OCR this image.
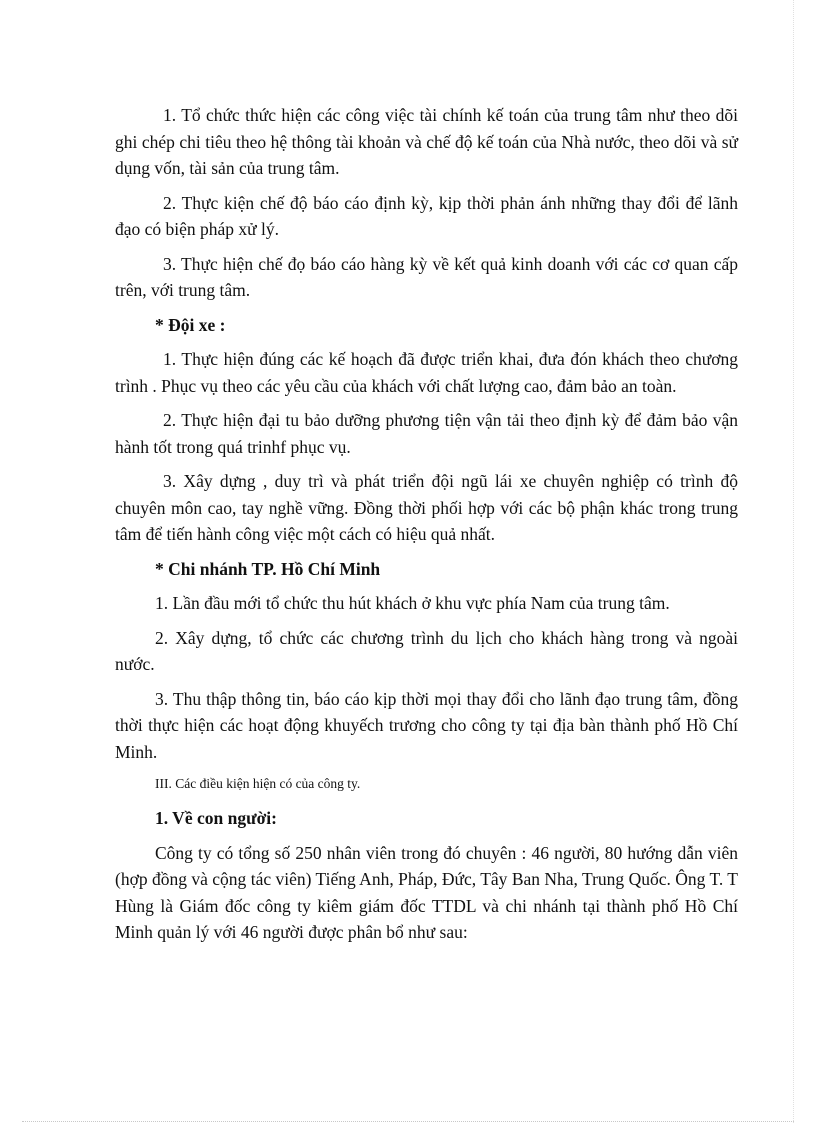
1. Tổ chức thức hiện các công việc tài chính kế toán của trung tâm như theo dõi ghi chép chi tiêu theo hệ thông tài khoản và chế độ kế toán của Nhà nước, theo dõi và sử dụng vốn, tài sản của trung tâm.

2. Thực kiện chế độ báo cáo định kỳ, kịp thời phản ánh những thay đổi để lãnh đạo có biện pháp xử lý.

3. Thực hiện chế đọ báo cáo hàng kỳ về kết quả kinh doanh với các cơ quan cấp trên, với trung tâm.

* Đội xe :

1. Thực hiện đúng các kế hoạch đã được triển khai, đưa đón khách theo chương trình . Phục vụ theo các yêu cầu của khách với chất lượng cao, đảm bảo an toàn.

2. Thực hiện đại tu bảo dưỡng phương tiện vận tải theo định kỳ để đảm bảo vận hành tốt trong quá trinhf phục vụ.

3. Xây dựng , duy trì và phát triển đội ngũ lái xe chuyên nghiệp có trình độ chuyên môn cao, tay nghề vững. Đồng thời phối hợp với các bộ phận khác trong trung tâm để tiến hành công việc một cách có hiệu quả nhất.

* Chi nhánh TP. Hồ Chí Minh

1. Lần đầu mới tổ chức thu hút khách ở khu vực phía Nam của trung tâm.

2. Xây dựng, tổ chức các chương trình du lịch cho khách hàng trong và ngoài nước.

3. Thu thập thông tin, báo cáo kịp thời mọi thay đổi cho lãnh đạo trung tâm, đồng thời thực hiện các hoạt động khuyếch trương cho công ty tại địa bàn thành phố Hồ Chí Minh.

III. Các điều kiện hiện có của công ty.

1. Về con người:

Công ty có tổng số 250 nhân viên trong đó chuyên : 46 người, 80 hướng dẫn viên (hợp đồng và cộng tác viên) Tiếng Anh, Pháp, Đức, Tây Ban Nha, Trung Quốc. Ông T. T Hùng là Giám đốc công ty kiêm giám đốc TTDL và chi nhánh tại thành phố Hồ Chí Minh quản lý với 46 người được phân bổ như sau:
